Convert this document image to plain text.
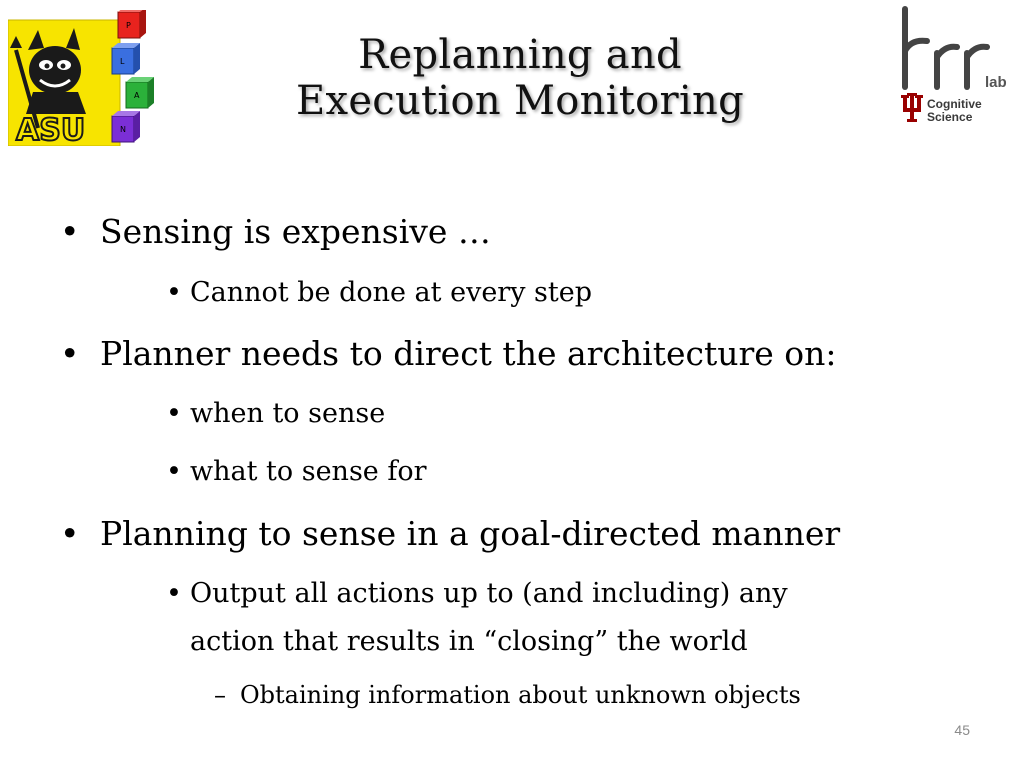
ASU
P
L
A
N
lab
Cognitive
Science
Replanning and
Execution Monitoring
• Sensing is expensive …
• Cannot be done at every step
• Planner needs to direct the architecture on:
• when to sense
• what to sense for
• Planning to sense in a goal-directed manner
• Output all actions up to (and including) any
action that results in “closing” the world
– Obtaining information about unknown objects
45
